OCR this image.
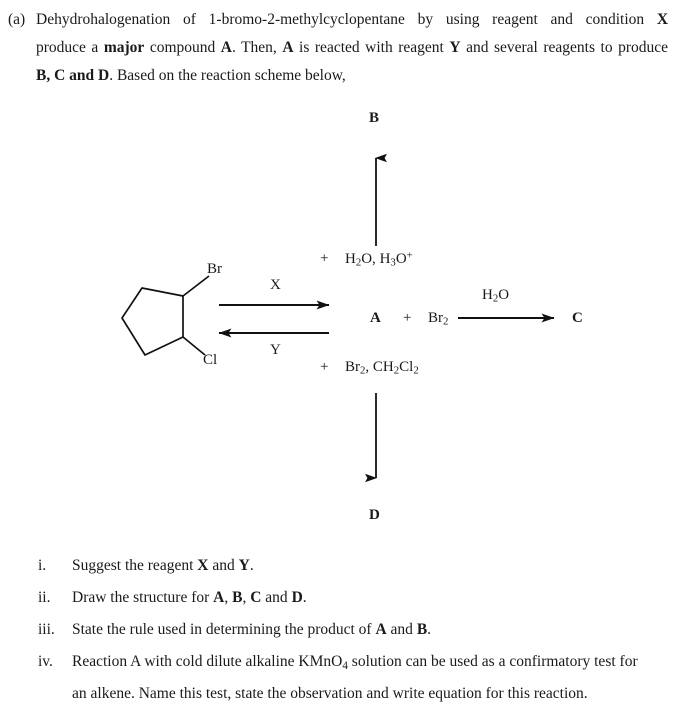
(a) Dehydrohalogenation of 1-bromo-2-methylcyclopentane by using reagent and condition X
produce a major compound A. Then, A is reacted with reagent Y and several reagents to produce
B, C and D. Based on the reaction scheme below,
B
D
Br
Cl
X
Y
+ $H_2O$, $H_3O^+$
+ $Br_2$, $CH_2Cl_2$
$A + Br_2$
$H_2O$
C
i.	Suggest the reagent X and Y.
ii.	Draw the structure for A, B, C and D.
iii.	State the rule used in determining the product of A and B.
iv.	Reaction A with cold dilute alkaline KMnO$_4$ solution can be used as a confirmatory test for
an alkene. Name this test, state the observation and write equation for this reaction.
